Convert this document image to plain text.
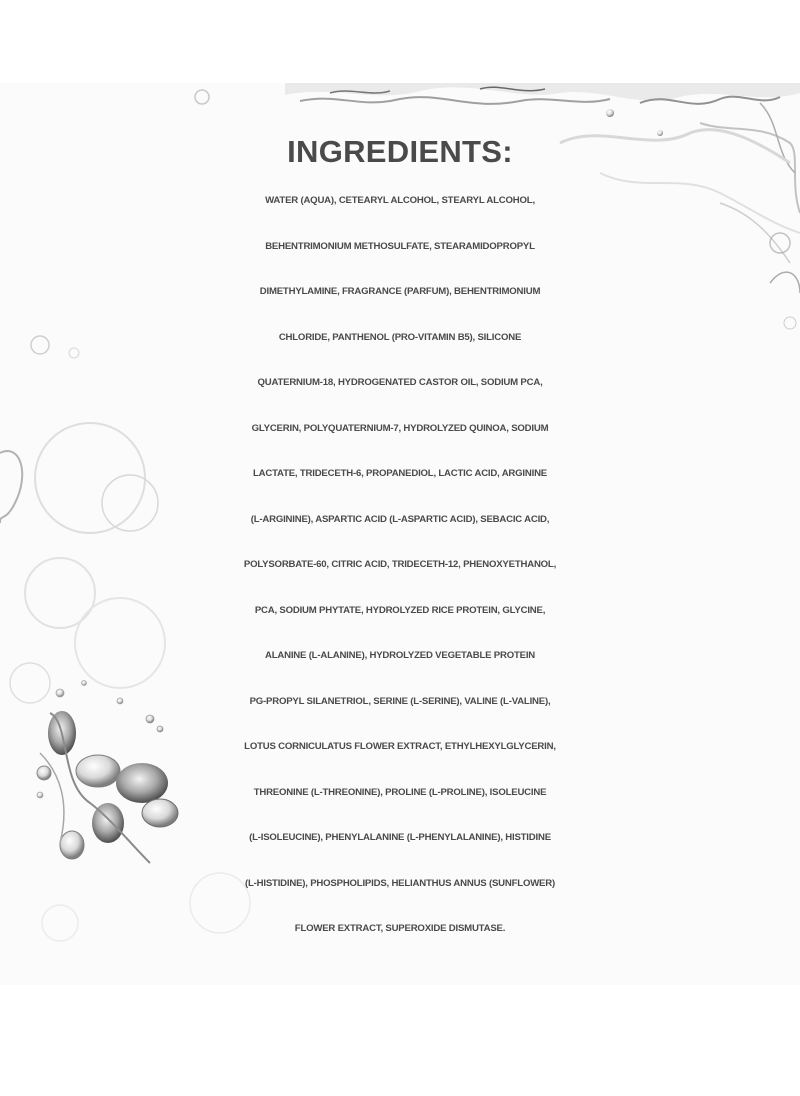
INGREDIENTS:
WATER (AQUA), CETEARYL ALCOHOL, STEARYL ALCOHOL,
BEHENTRIMONIUM METHOSULFATE, STEARAMIDOPROPYL
DIMETHYLAMINE, FRAGRANCE (PARFUM), BEHENTRIMONIUM
CHLORIDE, PANTHENOL (PRO-VITAMIN B5), SILICONE
QUATERNIUM-18, HYDROGENATED CASTOR OIL, SODIUM PCA,
GLYCERIN, POLYQUATERNIUM-7, HYDROLYZED QUINOA, SODIUM
LACTATE, TRIDECETH-6, PROPANEDIOL, LACTIC ACID, ARGININE
(L-ARGININE), ASPARTIC ACID (L-ASPARTIC ACID), SEBACIC ACID,
POLYSORBATE-60, CITRIC ACID, TRIDECETH-12, PHENOXYETHANOL,
PCA, SODIUM PHYTATE, HYDROLYZED RICE PROTEIN, GLYCINE,
ALANINE (L-ALANINE), HYDROLYZED VEGETABLE PROTEIN
PG-PROPYL SILANETRIOL, SERINE (L-SERINE), VALINE (L-VALINE),
LOTUS CORNICULATUS FLOWER EXTRACT, ETHYLHEXYLGLYCERIN,
THREONINE (L-THREONINE), PROLINE (L-PROLINE), ISOLEUCINE
(L-ISOLEUCINE), PHENYLALANINE (L-PHENYLALANINE), HISTIDINE
(L-HISTIDINE), PHOSPHOLIPIDS, HELIANTHUS ANNUS (SUNFLOWER)
FLOWER EXTRACT, SUPEROXIDE DISMUTASE.
